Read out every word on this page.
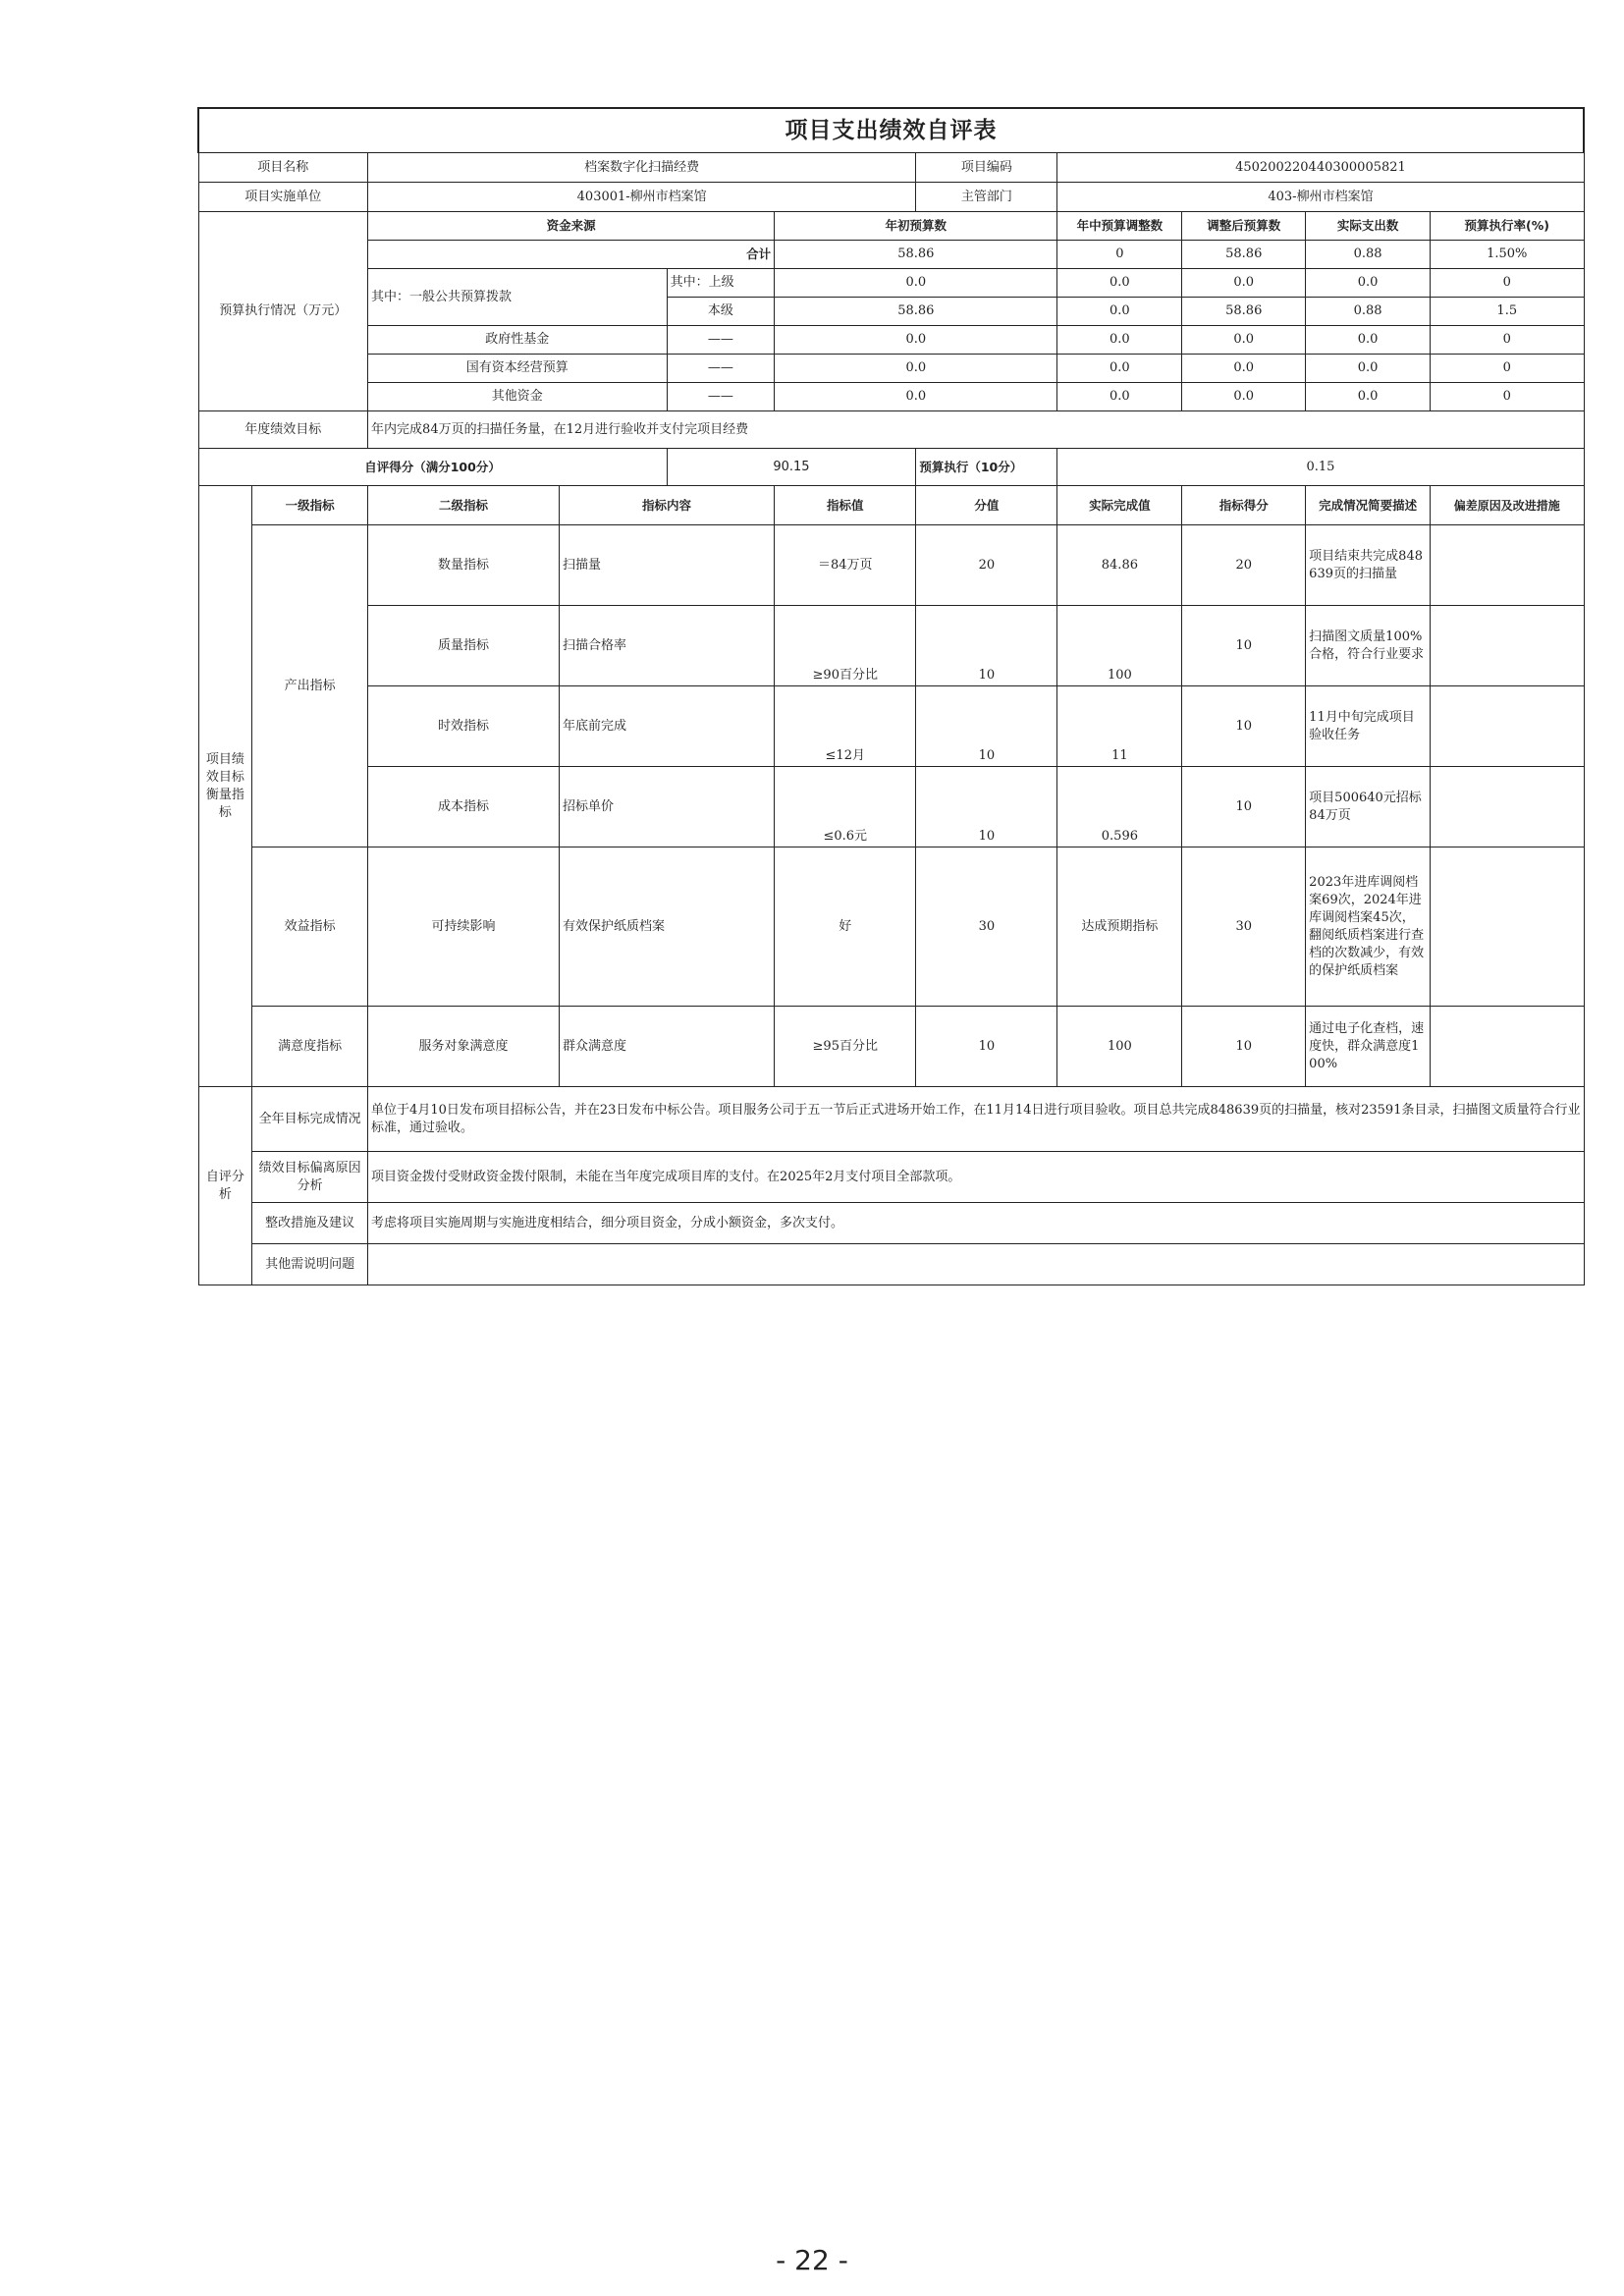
项目支出绩效自评表										
项目名称		档案数字化扫描经费				项目编码	450200220440300005821			
项目实施单位		403001-柳州市档案馆				主管部门	403-柳州市档案馆			
预算执行情况（万元）		资金来源			年初预算数		年中预算调整数	调整后预算数	实际支出数	预算执行率(%)
		合计			58.86		0	58.86	0.88	1.50%
		其中：一般公共预算拨款		其中：上级	0.0		0.0	0.0	0.0	0
				本级	58.86		0.0	58.86	0.88	1.5
		政府性基金		——	0.0		0.0	0.0	0.0	0
		国有资本经营预算		——	0.0		0.0	0.0	0.0	0
		其他资金		——	0.0		0.0	0.0	0.0	0
年度绩效目标		年内完成84万页的扫描任务量，在12月进行验收并支付完项目经费								
自评得分（满分100分）				90.15		预算执行（10分）	0.15			
项目绩效目标衡量指标	一级指标	二级指标	指标内容		指标值	分值	实际完成值	指标得分	完成情况简要描述	偏差原因及改进措施
	产出指标	数量指标	扫描量		＝84万页	20	84.86	20	项目结束共完成848639页的扫描量	
		质量指标	扫描合格率		≥90百分比	10	100	10	扫描图文质量100%合格，符合行业要求	
		时效指标	年底前完成		≤12月	10	11	10	11月中旬完成项目验收任务	
		成本指标	招标单价		≤0.6元	10	0.596	10	项目500640元招标84万页	
	效益指标	可持续影响	有效保护纸质档案		好	30	达成预期指标	30	2023年进库调阅档案69次，2024年进库调阅档案45次，翻阅纸质档案进行查档的次数减少，有效的保护纸质档案	
	满意度指标	服务对象满意度	群众满意度		≥95百分比	10	100	10	通过电子化查档，速度快，群众满意度100%	
自评分析	全年目标完成情况	单位于4月10日发布项目招标公告，并在23日发布中标公告。项目服务公司于五一节后正式进场开始工作，在11月14日进行项目验收。项目总共完成848639页的扫描量，核对23591条目录，扫描图文质量符合行业标准，通过验收。								
	绩效目标偏离原因分析	项目资金拨付受财政资金拨付限制，未能在当年度完成项目库的支付。在2025年2月支付项目全部款项。								
	整改措施及建议	考虑将项目实施周期与实施进度相结合，细分项目资金，分成小额资金，多次支付。								
	其他需说明问题									
- 22 -
